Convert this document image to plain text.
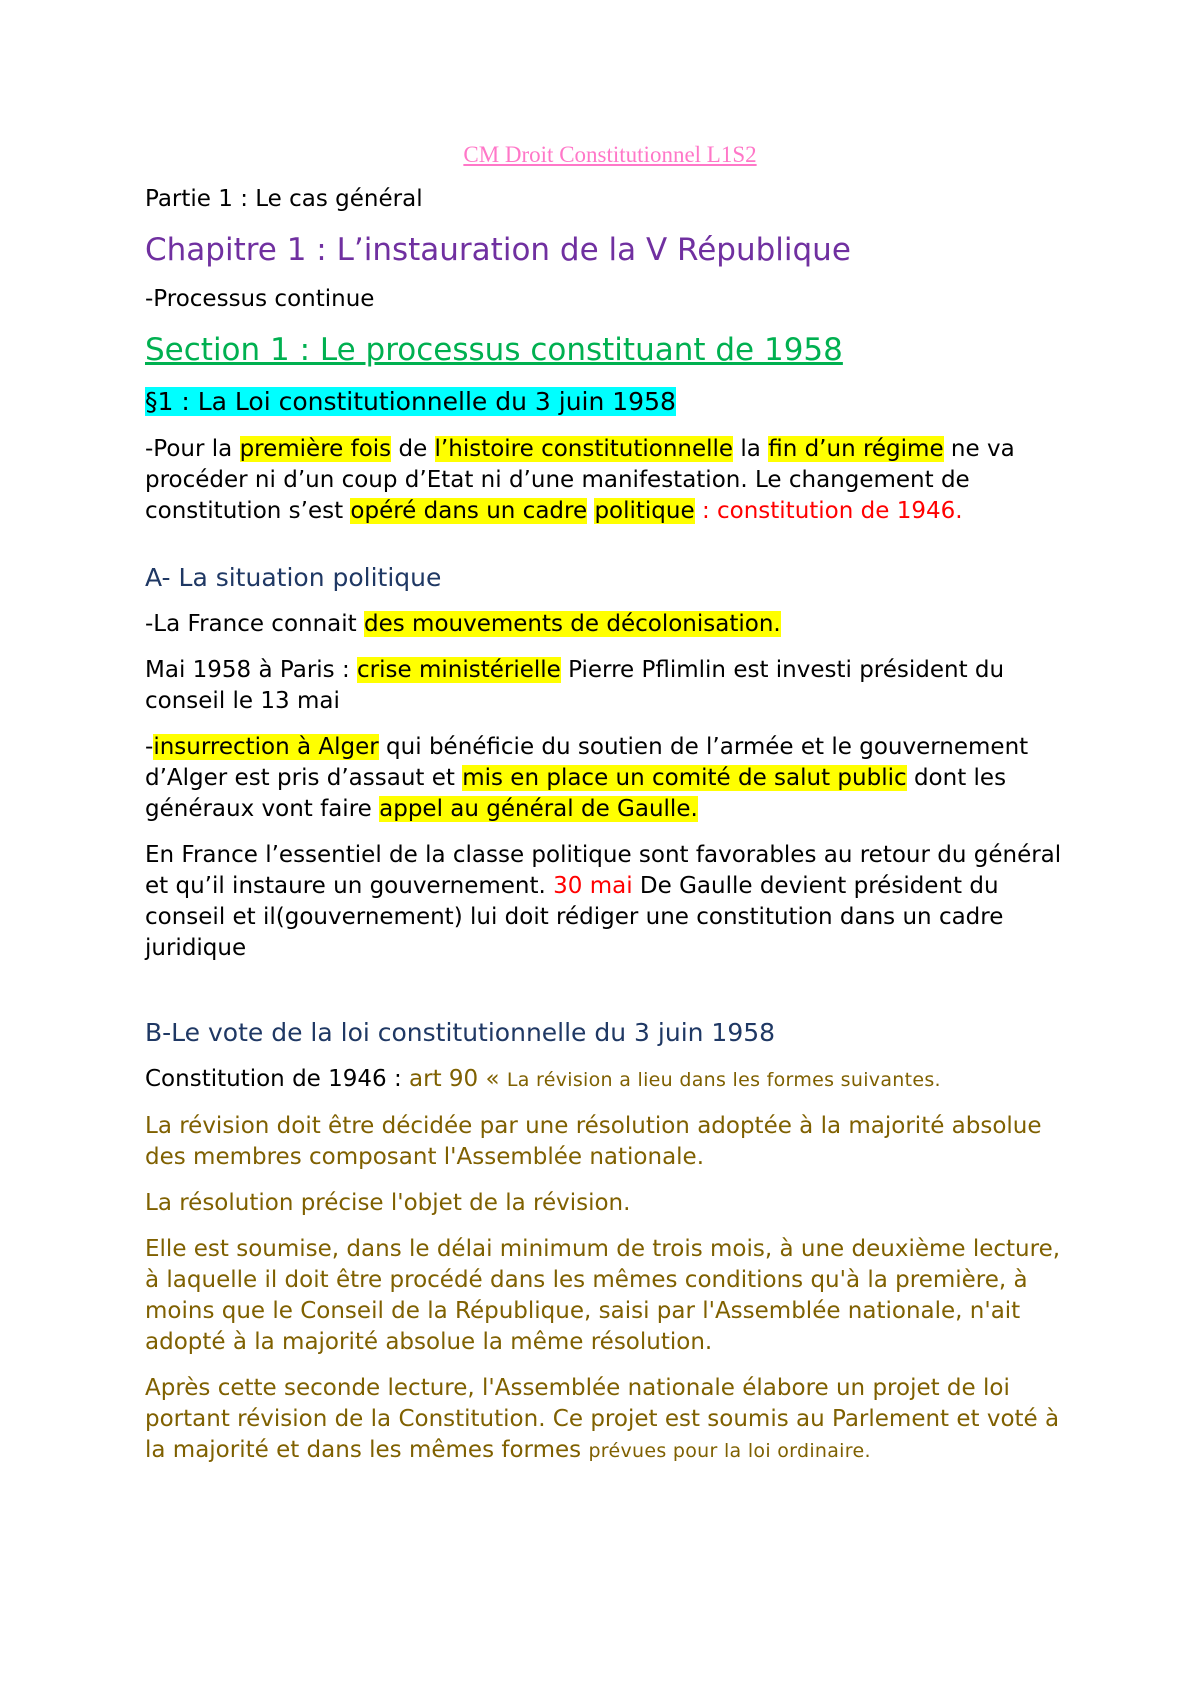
CM Droit Constitutionnel L1S2

Partie 1 : Le cas général

Chapitre 1 : L’instauration de la V République

-Processus continue

Section 1 : Le processus constituant de 1958
§1 : La Loi constitutionnelle du 3 juin 1958

-Pour la première fois de l’histoire constitutionnelle la fin d’un régime ne va procéder ni d’un coup d’Etat ni d’une manifestation. Le changement de constitution s’est opéré dans un cadre politique : constitution de 1946.

A- La situation politique

-La France connait des mouvements de décolonisation.

Mai 1958 à Paris : crise ministérielle Pierre Pflimlin est investi président du conseil le 13 mai

-insurrection à Alger qui bénéficie du soutien de l’armée et le gouvernement d’Alger est pris d’assaut et mis en place un comité de salut public dont les généraux vont faire appel au général de Gaulle.

En France l’essentiel de la classe politique sont favorables au retour du général et qu’il instaure un gouvernement. 30 mai De Gaulle devient président du conseil et il(gouvernement) lui doit rédiger une constitution dans un cadre juridique

B-Le vote de la loi constitutionnelle du 3 juin 1958

Constitution de 1946 : art 90 « La révision a lieu dans les formes suivantes.

La révision doit être décidée par une résolution adoptée à la majorité absolue des membres composant l'Assemblée nationale.

La résolution précise l'objet de la révision.

Elle est soumise, dans le délai minimum de trois mois, à une deuxième lecture, à laquelle il doit être procédé dans les mêmes conditions qu'à la première, à moins que le Conseil de la République, saisi par l'Assemblée nationale, n'ait adopté à la majorité absolue la même résolution.

Après cette seconde lecture, l'Assemblée nationale élabore un projet de loi portant révision de la Constitution. Ce projet est soumis au Parlement et voté à la majorité et dans les mêmes formes prévues pour la loi ordinaire.
